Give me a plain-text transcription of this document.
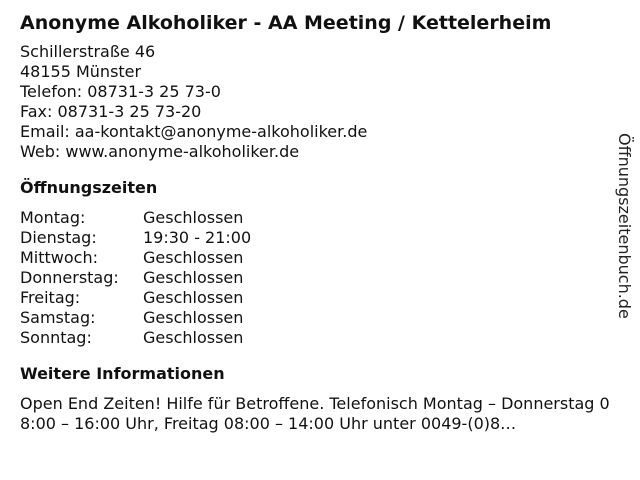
Anonyme Alkoholiker - AA Meeting / Kettelerheim
Schillerstraße 46
48155 Münster
Telefon: 08731-3 25 73-0
Fax: 08731-3 25 73-20
Email: aa-kontakt@anonyme-alkoholiker.de
Web: www.anonyme-alkoholiker.de
Öffnungszeiten
Montag:	Geschlossen
Dienstag:	19:30 - 21:00
Mittwoch:	Geschlossen
Donnerstag:	Geschlossen
Freitag:	Geschlossen
Samstag:	Geschlossen
Sonntag:	Geschlossen
Weitere Informationen
Open End Zeiten! Hilfe für Betroffene. Telefonisch Montag – Donnerstag 08:00 – 16:00 Uhr, Freitag 08:00 – 14:00 Uhr unter 0049-(0)8…
Öffnungszeitenbuch.de
